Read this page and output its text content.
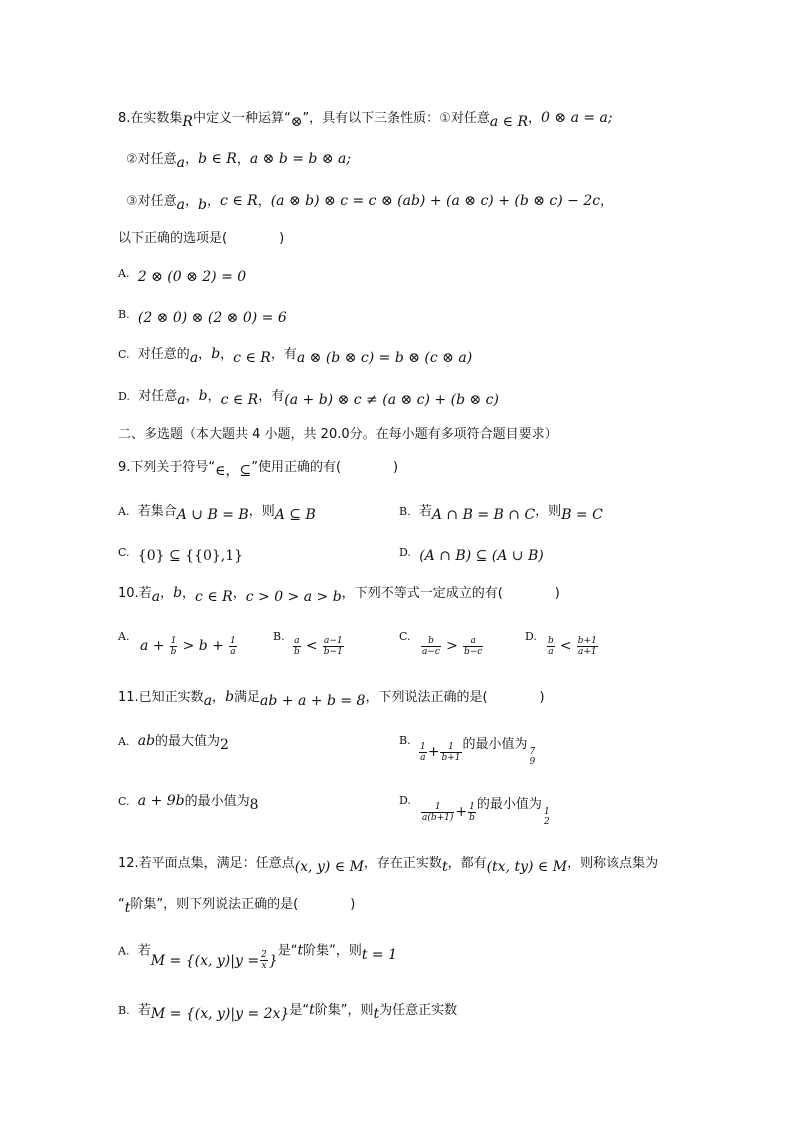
8.在实数集R中定义一种运算“⊗”，具有以下三条性质：①对任意a ∈ R，0 ⊗ a = a;
②对任意a，b ∈ R，a ⊗ b = b ⊗ a;
③对任意a，b，c ∈ R，(a ⊗ b) ⊗ c = c ⊗ (ab) + (a ⊗ c) + (b ⊗ c) − 2c，
以下正确的选项是(　　　　)
A. 2 ⊗ (0 ⊗ 2) = 0
B. (2 ⊗ 0) ⊗ (2 ⊗ 0) = 6
C. 对任意的a，b，c ∈ R，有a ⊗ (b ⊗ c) = b ⊗ (c ⊗ a)
D. 对任意a，b，c ∈ R，有(a + b) ⊗ c ≠ (a ⊗ c) + (b ⊗ c)
二、多选题（本大题共 4 小题，共 20.0分。在每小题有多项符合题目要求）
9.下列关于符号“∈，⊆”使用正确的有(　　　　)
A. 若集合A ∪ B = B，则A ⊆ B	B. 若A ∩ B = B ∩ C，则B = C
C. {0} ⊆ {{0},1}	D. (A ∩ B) ⊆ (A ∪ B)
10.若a，b，c ∈ R，c > 0 > a > b，下列不等式一定成立的有(　　　　)
A.
$a + \frac{1}{b} > b + \frac{1}{a}$	B. $\frac{a}{b} < \frac{a-1}{b-1}$	C. $\frac{b}{a-c} > \frac{a}{b-c}$	D. $\frac{b}{a} < \frac{b+1}{a+1}$
11.已知正实数a，b满足ab + a + b = 8，下列说法正确的是(　　　　)
A. ab的最大值为2	B.
$\frac{1}{a} + \frac{1}{b+1}$ 的最小值为 7
9
C. a + 9b的最小值为8	D.
$\frac{1}{a(b+1)} + \frac{1}{b}$ 的最小值为 1
2
12.若平面点集，满足：任意点(x, y) ∈ M，存在正实数t，都有(tx, ty) ∈ M，则称该点集为
“t阶集”，则下列说法正确的是(　　　　)
A. 若M = {(x, $y)|y = \frac{2}{x}$ }是“t阶集”，则t = 1
B. 若M = {(x, y)|y = 2x}是“t阶集”，则t为任意正实数
